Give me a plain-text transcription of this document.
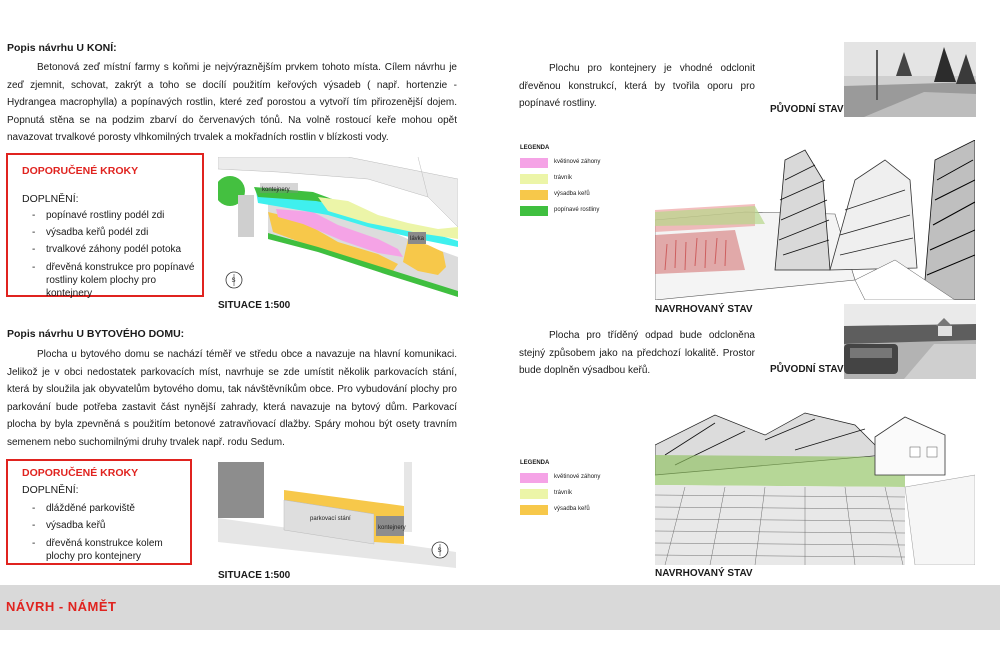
Popis návrhu U KONÍ:
Betonová zeď místní farmy s koňmi je nejvýraznějším prvkem tohoto místa. Cílem návrhu je zeď zjemnit, schovat, zakrýt a toho se docílí použitím keřových výsadeb ( např. hortenzie - Hydrangea macrophylla) a popínavých rostlin, které zeď porostou a vytvoří tím přirozenější dojem. Popnutá stěna se na podzim zbarví do červenavých tónů. Na volně rostoucí keře mohou opět navazovat trvalkové porosty vlhkomilných trvalek a mokřadních rostlin v blízkosti vody.
DOPORUČENÉ KROKY
DOPLNĚNÍ:
- popínavé rostliny podél zdi
- výsadba keřů podél zdi
- trvalkové záhony podél potoka
- dřevěná konstrukce pro popínavé rostliny kolem plochy pro kontejnery
kontejnery
lávka
S
SITUACE 1:500
Popis návrhu U BYTOVÉHO DOMU:
Plocha u bytového domu se nachází téměř ve středu obce a navazuje na hlavní komunikaci. Jelikož je v obci nedostatek parkovacích míst, navrhuje se zde umístit několik parkovacích stání, která by sloužila jak obyvatelům bytového domu, tak návštěvníkům obce. Pro vybudování plochy pro parkování bude potřeba zastavit část nynější zahrady, která navazuje na bytový dům. Parkovací plocha by byla zpevněná s použitím betonové zatravňovací dlažby. Spáry mohou být osety travním semenem nebo suchomilnými druhy trvalek např. rodu Sedum.
DOPORUČENÉ KROKY
DOPLNĚNÍ:
- dlážděné parkoviště
- výsadba keřů
- dřevěná konstrukce kolem plochy pro kontejnery
parkovací stání
kontejnery
S
SITUACE 1:500
Plochu pro kontejnery je vhodné odclonit dřevěnou konstrukcí, která by tvořila oporu pro popínavé rostliny.
PŮVODNÍ STAV
LEGENDA
květinové záhony
trávník
výsadba keřů
popínavé rostliny
NAVRHOVANÝ STAV
Plocha pro tříděný odpad bude odcloněna stejný způsobem jako na předchozí lokalitě. Prostor bude doplněn výsadbou keřů.	PŮVODNÍ STAV
LEGENDA
květinové záhony
trávník
výsadba keřů
NAVRHOVANÝ STAV
NÁVRH - NÁMĚT
